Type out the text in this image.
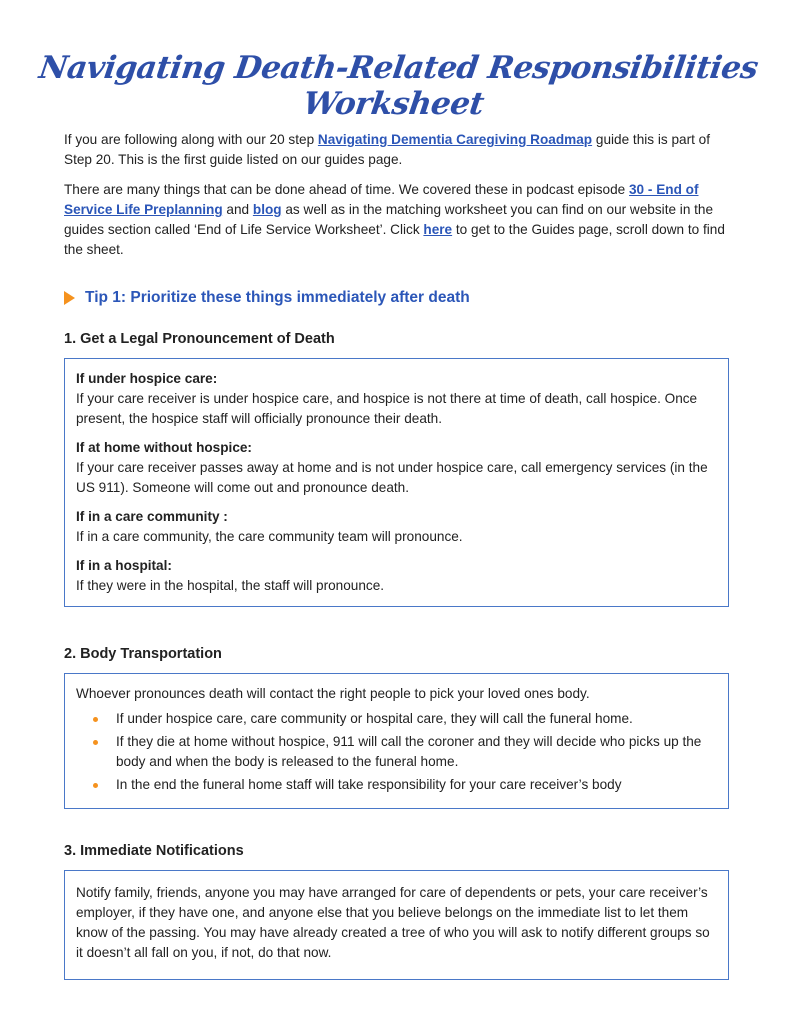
Navigating Death-Related Responsibilities Worksheet

If you are following along with our 20 step Navigating Dementia Caregiving Roadmap guide this is part of Step 20. This is the first guide listed on our guides page.

There are many things that can be done ahead of time. We covered these in podcast episode 30 - End of Service Life Preplanning and blog as well as in the matching worksheet you can find on our website in the guides section called ‘End of Life Service Worksheet’. Click here to get to the Guides page, scroll down to find the sheet.

Tip 1: Prioritize these things immediately after death
1. Get a Legal Pronouncement of Death
If under hospice care:
If your care receiver is under hospice care, and hospice is not there at time of death, call hospice. Once present, the hospice staff will officially pronounce their death.
If at home without hospice:
If your care receiver passes away at home and is not under hospice care, call emergency services (in the US 911). Someone will come out and pronounce death.
If in a care community :
If in a care community, the care community team will pronounce.
If in a hospital:
If they were in the hospital, the staff will pronounce.
2. Body Transportation
Whoever pronounces death will contact the right people to pick your loved ones body.
If under hospice care, care community or hospital care, they will call the funeral home.
If they die at home without hospice, 911 will call the coroner and they will decide who picks up the body and when the body is released to the funeral home.
In the end the funeral home staff will take responsibility for your care receiver’s body
3. Immediate Notifications
Notify family, friends, anyone you may have arranged for care of dependents or pets, your care receiver’s employer, if they have one, and anyone else that you believe belongs on the immediate list to let them know of the passing. You may have already created a tree of who you will ask to notify different groups so it doesn’t all fall on you, if not, do that now.
